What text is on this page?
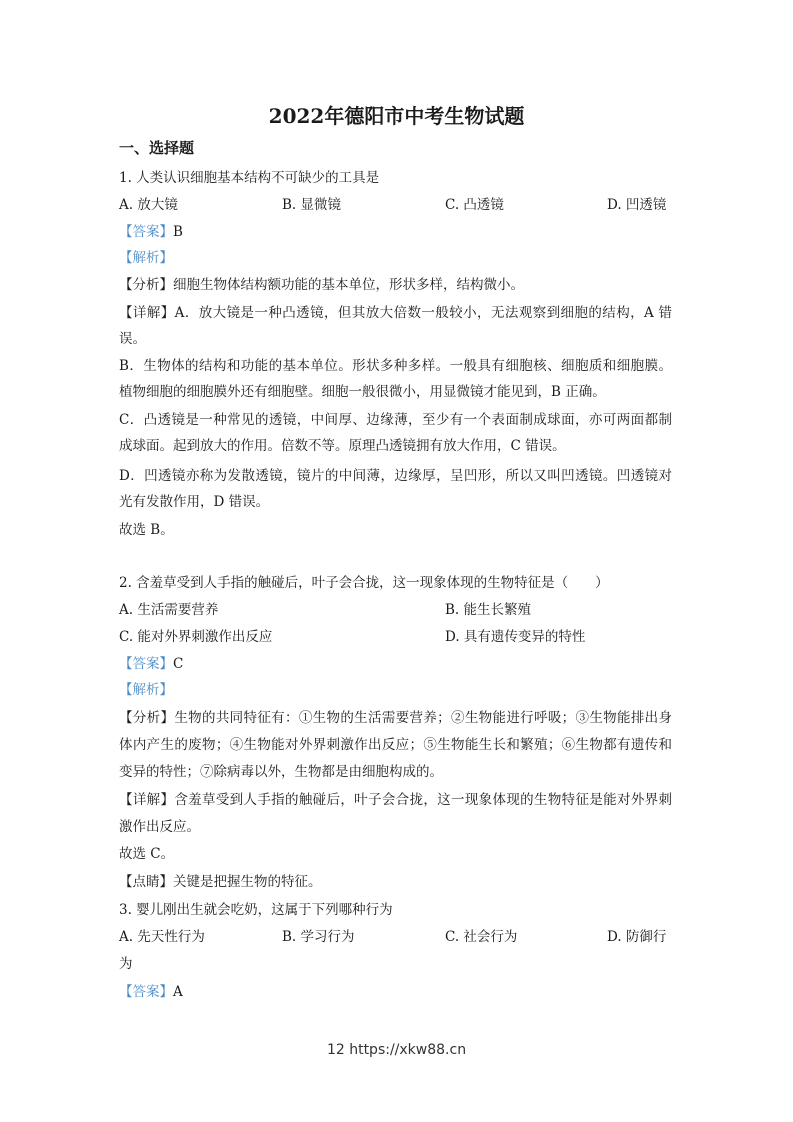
2022年德阳市中考生物试题
一、选择题
1. 人类认识细胞基本结构不可缺少的工具是
A. 放大镜	B. 显微镜	C. 凸透镜	D. 凹透镜
【答案】B
【解析】
【分析】细胞生物体结构额功能的基本单位，形状多样，结构微小。
【详解】A．放大镜是一种凸透镜，但其放大倍数一般较小，无法观察到细胞的结构，A 错
误。
B．生物体的结构和功能的基本单位。形状多种多样。一般具有细胞核、细胞质和细胞膜。
植物细胞的细胞膜外还有细胞壁。细胞一般很微小，用显微镜才能见到，B 正确。
C．凸透镜是一种常见的透镜，中间厚、边缘薄，至少有一个表面制成球面，亦可两面都制
成球面。起到放大的作用。倍数不等。原理凸透镜拥有放大作用，C 错误。
D．凹透镜亦称为发散透镜，镜片的中间薄，边缘厚，呈凹形，所以又叫凹透镜。凹透镜对
光有发散作用，D 错误。
故选 B。
2. 含羞草受到人手指的触碰后，叶子会合拢，这一现象体现的生物特征是（　　）
A. 生活需要营养	B. 能生长繁殖
C. 能对外界刺激作出反应	D. 具有遗传变异的特性
【答案】C
【解析】
【分析】生物的共同特征有：①生物的生活需要营养；②生物能进行呼吸；③生物能排出身
体内产生的废物；④生物能对外界刺激作出反应；⑤生物能生长和繁殖；⑥生物都有遗传和
变异的特性；⑦除病毒以外，生物都是由细胞构成的。
【详解】含羞草受到人手指的触碰后，叶子会合拢，这一现象体现的生物特征是能对外界刺
激作出反应。
故选 C。
【点睛】关键是把握生物的特征。
3. 婴儿刚出生就会吃奶，这属于下列哪种行为
A. 先天性行为	B. 学习行为	C. 社会行为	D. 防御行
为
【答案】A
12 https://xkw88.cn
